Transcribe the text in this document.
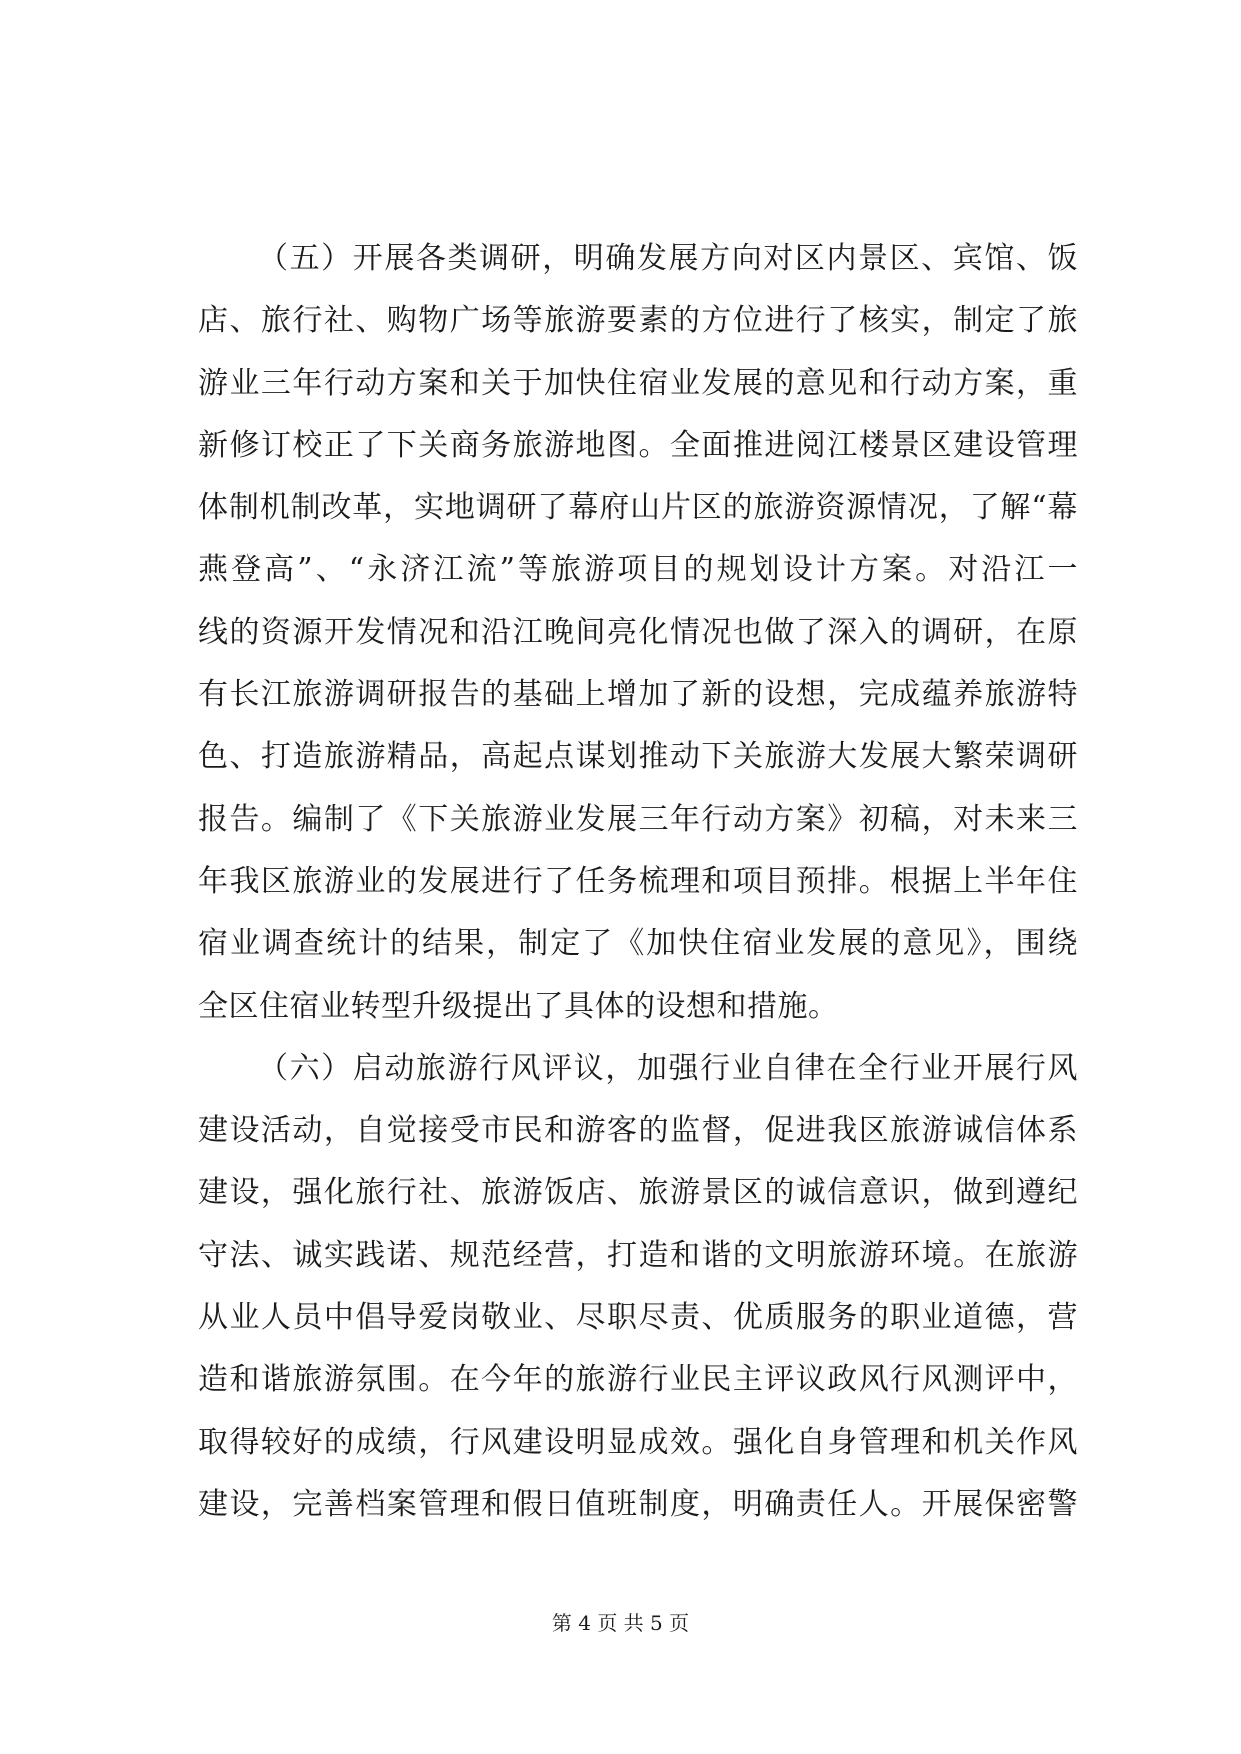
（五）开展各类调研，明确发展方向对区内景区、宾馆、饭
店、旅行社、购物广场等旅游要素的方位进行了核实，制定了旅
游业三年行动方案和关于加快住宿业发展的意见和行动方案，重
新修订校正了下关商务旅游地图。全面推进阅江楼景区建设管理
体制机制改革，实地调研了幕府山片区的旅游资源情况，了解“幕
燕登高”、“永济江流”等旅游项目的规划设计方案。对沿江一
线的资源开发情况和沿江晚间亮化情况也做了深入的调研，在原
有长江旅游调研报告的基础上增加了新的设想，完成蕴养旅游特
色、打造旅游精品，高起点谋划推动下关旅游大发展大繁荣调研
报告。编制了《下关旅游业发展三年行动方案》初稿，对未来三
年我区旅游业的发展进行了任务梳理和项目预排。根据上半年住
宿业调查统计的结果，制定了《加快住宿业发展的意见》，围绕
全区住宿业转型升级提出了具体的设想和措施。
（六）启动旅游行风评议，加强行业自律在全行业开展行风
建设活动，自觉接受市民和游客的监督，促进我区旅游诚信体系
建设，强化旅行社、旅游饭店、旅游景区的诚信意识，做到遵纪
守法、诚实践诺、规范经营，打造和谐的文明旅游环境。在旅游
从业人员中倡导爱岗敬业、尽职尽责、优质服务的职业道德，营
造和谐旅游氛围。在今年的旅游行业民主评议政风行风测评中，
取得较好的成绩，行风建设明显成效。强化自身管理和机关作风
建设，完善档案管理和假日值班制度，明确责任人。开展保密警
第 4 页 共 5 页
